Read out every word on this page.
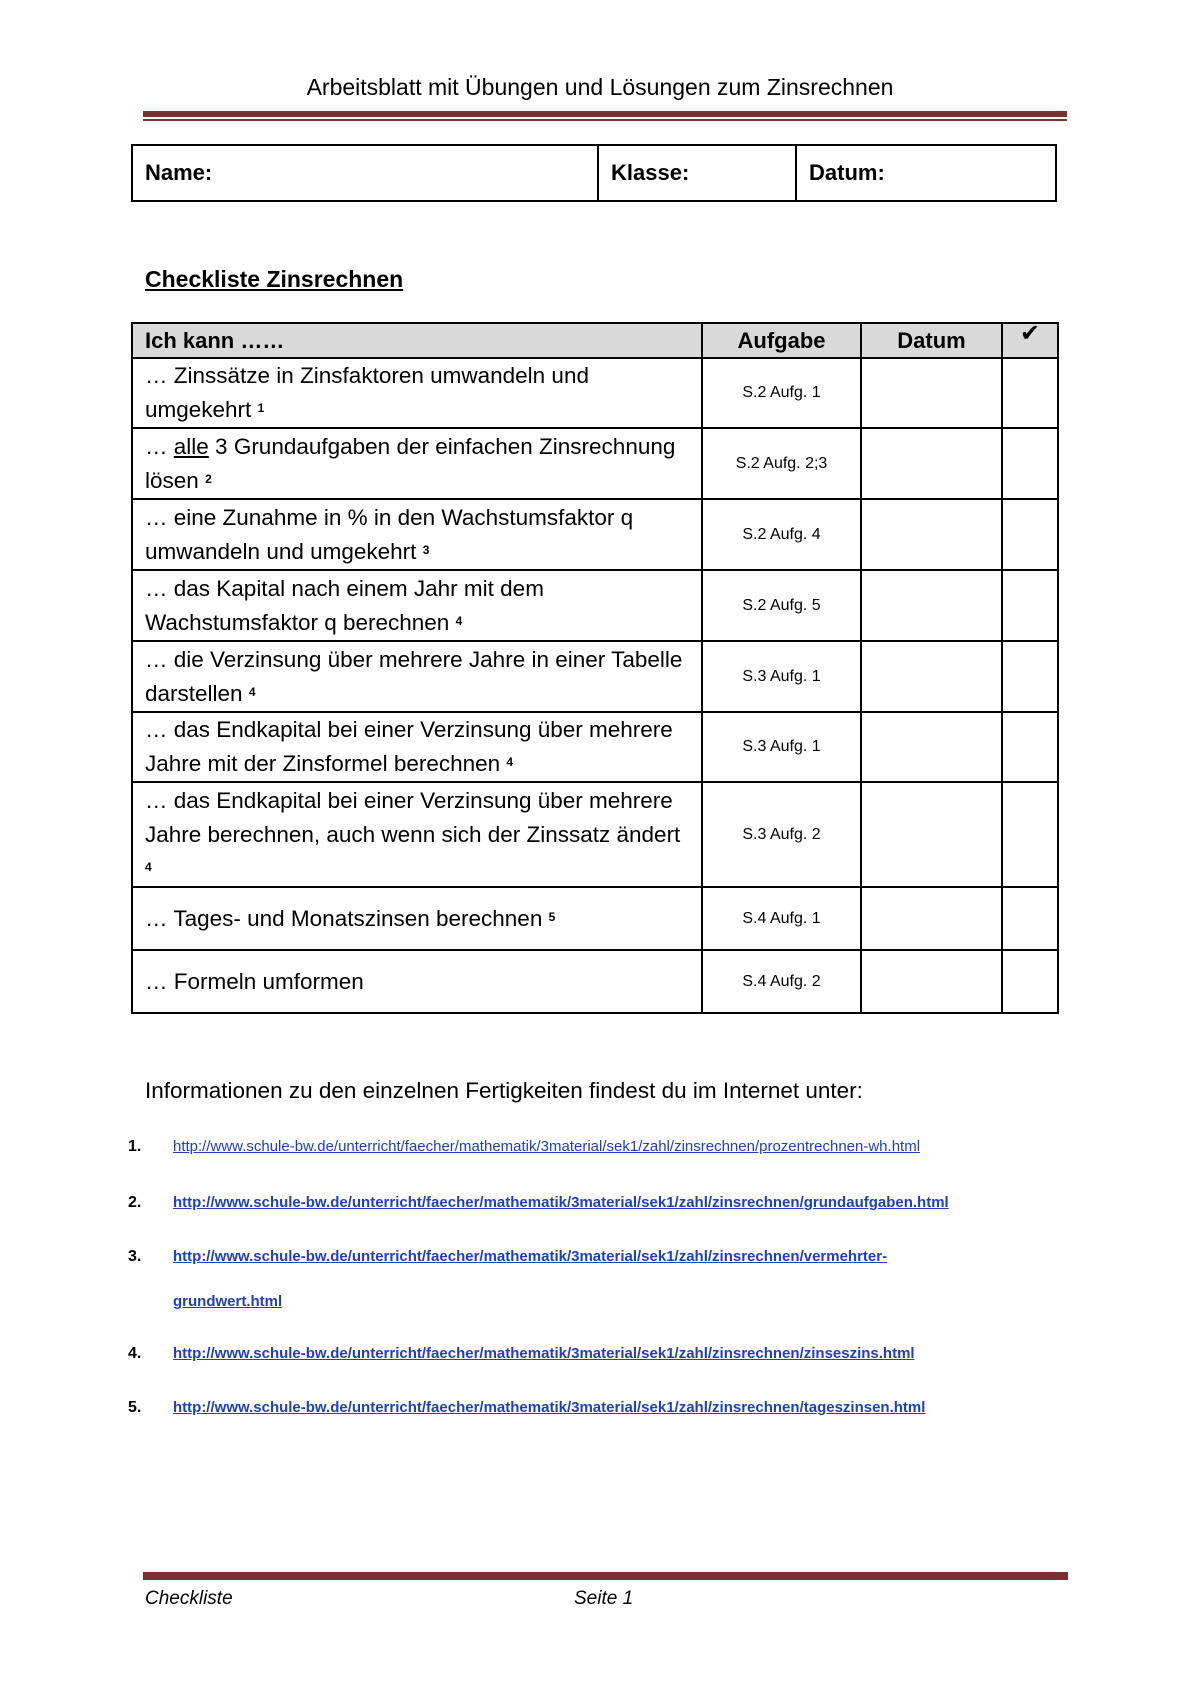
Arbeitsblatt mit Übungen und Lösungen zum Zinsrechnen
Name:	Klasse:	Datum:
Checkliste Zinsrechnen
Ich kann ……	Aufgabe	Datum	✔
… Zinssätze in Zinsfaktoren umwandeln und umgekehrt $^1$	S.2 Aufg. 1		
… alle 3 Grundaufgaben der einfachen Zinsrechnung lösen $^2$	S.2 Aufg. 2;3		
… eine Zunahme in % in den Wachstumsfaktor q umwandeln und umgekehrt $^3$	S.2 Aufg. 4		
… das Kapital nach einem Jahr mit dem Wachstumsfaktor q berechnen $^4$	S.2 Aufg. 5		
… die Verzinsung über mehrere Jahre in einer Tabelle darstellen $^4$	S.3 Aufg. 1		
… das Endkapital bei einer Verzinsung über mehrere Jahre mit der Zinsformel berechnen $^4$	S.3 Aufg. 1		
… das Endkapital bei einer Verzinsung über mehrere Jahre berechnen, auch wenn sich der Zinssatz ändert $^4$	S.3 Aufg. 2		
… Tages- und Monatszinsen berechnen $^5$	S.4 Aufg. 1		
… Formeln umformen	S.4 Aufg. 2		
Informationen zu den einzelnen Fertigkeiten findest du im Internet unter:
1. http://www.schule-bw.de/unterricht/faecher/mathematik/3material/sek1/zahl/zinsrechnen/prozentrechnen-wh.html
2. http://www.schule-bw.de/unterricht/faecher/mathematik/3material/sek1/zahl/zinsrechnen/grundaufgaben.html
3. http://www.schule-bw.de/unterricht/faecher/mathematik/3material/sek1/zahl/zinsrechnen/vermehrter-
grundwert.html
4. http://www.schule-bw.de/unterricht/faecher/mathematik/3material/sek1/zahl/zinsrechnen/zinseszins.html
5. http://www.schule-bw.de/unterricht/faecher/mathematik/3material/sek1/zahl/zinsrechnen/tageszinsen.html
Checkliste	Seite 1
